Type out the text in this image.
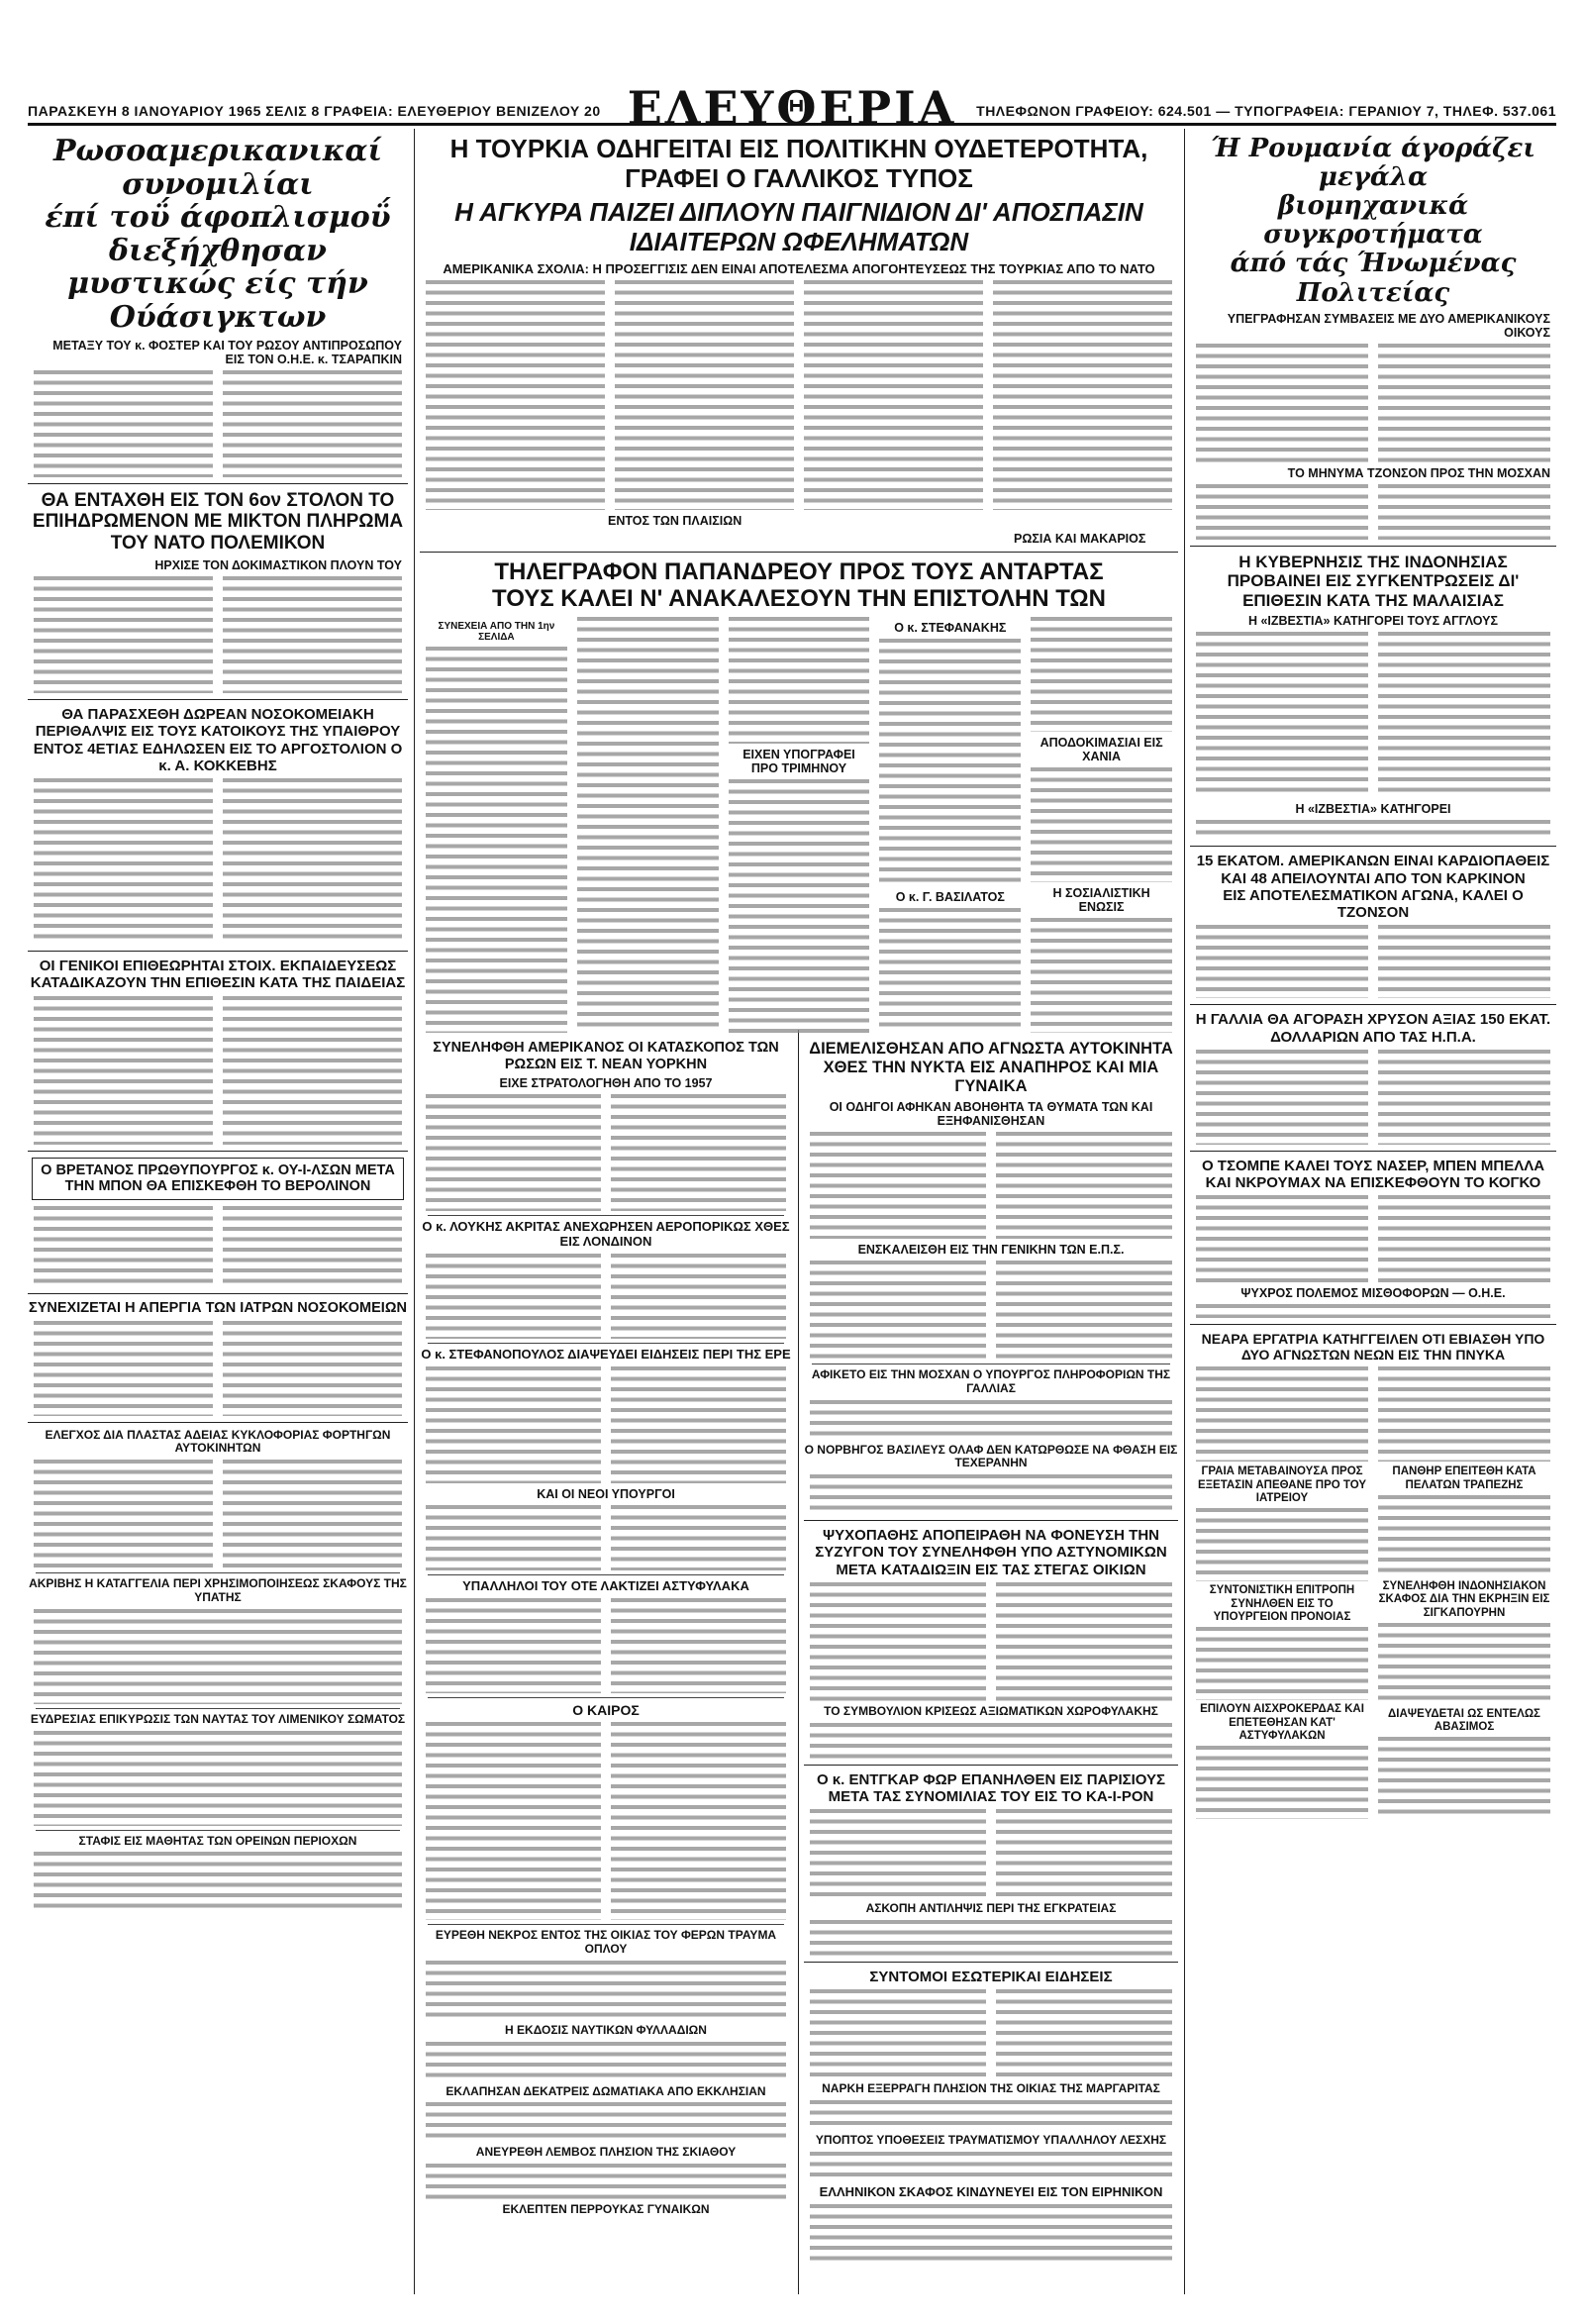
ΠΑΡΑΣΚΕΥΗ 8 ΙΑΝΟΥΑΡΙΟΥ 1965 ΣΕΛΙΣ 8 ΓΡΑΦΕΙΑ: ΕΛΕΥΘΕΡΙΟΥ ΒΕΝΙΖΕΛΟΥ 20 ΕΛΕΥΘΕΡΙΑ	ΤΗΛΕΦΩΝΟΝ ΓΡΑΦΕΙΟΥ: 624.501 — ΤΥΠΟΓΡΑΦΕΙΑ: ΓΕΡΑΝΙΟΥ 7, ΤΗΛΕΦ. 537.061
Ρωσοαμερικανικαί συνομιλίαι
έπί τοΰ άφοπλισμοΰ διεξήχθησαν
μυστικώς είς τήν Ούάσιγκτων
ΜΕΤΑΞΥ ΤΟΥ κ. ΦΟΣΤΕΡ ΚΑΙ ΤΟΥ ΡΩΣΟΥ ΑΝΤΙΠΡΟΣΩΠΟΥ ΕΙΣ ΤΟΝ Ο.Η.Ε. κ. ΤΣΑΡΑΠΚΙΝ
ΘΑ ΕΝΤΑΧΘΗ ΕΙΣ ΤΟΝ 6ον ΣΤΟΛΟΝ ΤΟ ΕΠΙΗΔΡΩΜΕΝΟΝ ΜΕ ΜΙΚΤΟΝ ΠΛΗΡΩΜΑ ΤΟΥ ΝΑΤΟ ΠΟΛΕΜΙΚΟΝ
ΗΡΧΙΣΕ ΤΟΝ ΔΟΚΙΜΑΣΤΙΚΟΝ ΠΛΟΥΝ ΤΟΥ
ΘΑ ΠΑΡΑΣΧΕΘΗ ΔΩΡΕΑΝ ΝΟΣΟΚΟΜΕΙΑΚΗ ΠΕΡΙΘΑΛΨΙΣ ΕΙΣ ΤΟΥΣ ΚΑΤΟΙΚΟΥΣ ΤΗΣ ΥΠΑΙΘΡΟΥ ΕΝΤΟΣ 4ΕΤΙΑΣ ΕΔΗΛΩΣΕΝ ΕΙΣ ΤΟ ΑΡΓΟΣΤΟΛΙΟΝ Ο κ. Α. ΚΟΚΚΕΒΗΣ
ΟΙ ΓΕΝΙΚΟΙ ΕΠΙΘΕΩΡΗΤΑΙ ΣΤΟΙΧ. ΕΚΠΑΙΔΕΥΣΕΩΣ ΚΑΤΑΔΙΚΑΖΟΥΝ ΤΗΝ ΕΠΙΘΕΣΙΝ ΚΑΤΑ ΤΗΣ ΠΑΙΔΕΙΑΣ
Ο ΒΡΕΤΑΝΟΣ ΠΡΩΘΥΠΟΥΡΓΟΣ κ. ΟΥ-Ι-ΛΣΩΝ ΜΕΤΑ ΤΗΝ ΜΠΟΝ ΘΑ ΕΠΙΣΚΕΦΘΗ ΤΟ ΒΕΡΟΛΙΝΟΝ
ΣΥΝΕΧΙΖΕΤΑΙ Η ΑΠΕΡΓΙΑ ΤΩΝ ΙΑΤΡΩΝ ΝΟΣΟΚΟΜΕΙΩΝ
ΕΛΕΓΧΟΣ ΔΙΑ ΠΛΑΣΤΑΣ ΑΔΕΙΑΣ ΚΥΚΛΟΦΟΡΙΑΣ ΦΟΡΤΗΓΩΝ ΑΥΤΟΚΙΝΗΤΩΝ
ΑΚΡΙΒΗΣ Η ΚΑΤΑΓΓΕΛΙΑ ΠΕΡΙ ΧΡΗΣΙΜΟΠΟΙΗΣΕΩΣ ΣΚΑΦΟΥΣ ΤΗΣ ΥΠΑΤΗΣ
ΕΥΔΡΕΣΙΑΣ ΕΠΙΚΥΡΩΣΙΣ ΤΩΝ ΝΑΥΤΑΣ ΤΟΥ ΛΙΜΕΝΙΚΟΥ ΣΩΜΑΤΟΣ
ΣΤΑΦΙΣ ΕΙΣ ΜΑΘΗΤΑΣ ΤΩΝ ΟΡΕΙΝΩΝ ΠΕΡΙΟΧΩΝ
Η ΤΟΥΡΚΙΑ ΟΔΗΓΕΙΤΑΙ ΕΙΣ ΠΟΛΙΤΙΚΗΝ ΟΥΔΕΤΕΡΟΤΗΤΑ, ΓΡΑΦΕΙ Ο ΓΑΛΛΙΚΟΣ ΤΥΠΟΣ
Η ΑΓΚΥΡΑ ΠΑΙΖΕΙ ΔΙΠΛΟΥΝ ΠΑΙΓΝΙΔΙΟΝ ΔΙ' ΑΠΟΣΠΑΣΙΝ ΙΔΙΑΙΤΕΡΩΝ ΩΦΕΛΗΜΑΤΩΝ
ΑΜΕΡΙΚΑΝΙΚΑ ΣΧΟΛΙΑ: Η ΠΡΟΣΕΓΓΙΣΙΣ ΔΕΝ ΕΙΝΑΙ ΑΠΟΤΕΛΕΣΜΑ ΑΠΟΓΟΗΤΕΥΣΕΩΣ ΤΗΣ ΤΟΥΡΚΙΑΣ ΑΠΟ ΤΟ ΝΑΤΟ
ΕΝΤΟΣ ΤΩΝ ΠΛΑΙΣΙΩΝ
ΡΩΣΙΑ ΚΑΙ ΜΑΚΑΡΙΟΣ
ΤΗΛΕΓΡΑΦΟΝ ΠΑΠΑΝΔΡΕΟΥ ΠΡΟΣ ΤΟΥΣ ΑΝΤΑΡΤΑΣ
ΤΟΥΣ ΚΑΛΕΙ Ν' ΑΝΑΚΑΛΕΣΟΥΝ ΤΗΝ ΕΠΙΣΤΟΛΗΝ ΤΩΝ
ΣΥΝΕΧΕΙΑ ΑΠΟ ΤΗΝ 1ην ΣΕΛΙΔΑ
ΕΙΧΕΝ ΥΠΟΓΡΑΦΕΙ ΠΡΟ ΤΡΙΜΗΝΟΥ
Ο κ. ΣΤΕΦΑΝΑΚΗΣ
Ο κ. Γ. ΒΑΣΙΛΑΤΟΣ
ΑΠΟΔΟΚΙΜΑΣΙΑΙ ΕΙΣ ΧΑΝΙΑ
Η ΣΟΣΙΑΛΙΣΤΙΚΗ ΕΝΩΣΙΣ
ΣΥΝΕΛΗΦΘΗ ΑΜΕΡΙΚΑΝΟΣ ΟΙ ΚΑΤΑΣΚΟΠΟΣ ΤΩΝ ΡΩΣΩΝ ΕΙΣ Τ. ΝΕΑΝ ΥΟΡΚΗΝ
ΕΙΧΕ ΣΤΡΑΤΟΛΟΓΗΘΗ ΑΠΟ ΤΟ 1957
Ο κ. ΛΟΥΚΗΣ ΑΚΡΙΤΑΣ ΑΝΕΧΩΡΗΣΕΝ ΑΕΡΟΠΟΡΙΚΩΣ ΧΘΕΣ ΕΙΣ ΛΟΝΔΙΝΟΝ
Ο κ. ΣΤΕΦΑΝΟΠΟΥΛΟΣ ΔΙΑΨΕΥΔΕΙ ΕΙΔΗΣΕΙΣ ΠΕΡΙ ΤΗΣ ΕΡΕ
ΚΑΙ ΟΙ ΝΕΟΙ ΥΠΟΥΡΓΟΙ
ΥΠΑΛΛΗΛΟΙ ΤΟΥ ΟΤΕ ΛΑΚΤΙΖΕΙ ΑΣΤΥΦΥΛΑΚΑ
Ο ΚΑΙΡΟΣ
ΕΥΡΕΘΗ ΝΕΚΡΟΣ ΕΝΤΟΣ ΤΗΣ ΟΙΚΙΑΣ ΤΟΥ ΦΕΡΩΝ ΤΡΑΥΜΑ ΟΠΛΟΥ
Η ΕΚΔΟΣΙΣ ΝΑΥΤΙΚΩΝ ΦΥΛΛΑΔΙΩΝ
ΕΚΛΑΠΗΣΑΝ ΔΕΚΑΤΡΕΙΣ ΔΩΜΑΤΙΑΚΑ ΑΠΟ ΕΚΚΛΗΣΙΑΝ
ΑΝΕΥΡΕΘΗ ΛΕΜΒΟΣ ΠΛΗΣΙΟΝ ΤΗΣ ΣΚΙΑΘΟΥ
ΕΚΛΕΠΤΕΝ ΠΕΡΡΟΥΚΑΣ ΓΥΝΑΙΚΩΝ
ΔΙΕΜΕΛΙΣΘΗΣΑΝ ΑΠΟ ΑΓΝΩΣΤΑ ΑΥΤΟΚΙΝΗΤΑ ΧΘΕΣ ΤΗΝ ΝΥΚΤΑ ΕΙΣ ΑΝΑΠΗΡΟΣ ΚΑΙ ΜΙΑ ΓΥΝΑΙΚΑ
ΟΙ ΟΔΗΓΟΙ ΑΦΗΚΑΝ ΑΒΟΗΘΗΤΑ ΤΑ ΘΥΜΑΤΑ ΤΩΝ ΚΑΙ ΕΞΗΦΑΝΙΣΘΗΣΑΝ
ΕΝΣΚΑΛΕΙΣΘΗ ΕΙΣ ΤΗΝ ΓΕΝΙΚΗΝ ΤΩΝ Ε.Π.Σ.
ΑΦΙΚΕΤΟ ΕΙΣ ΤΗΝ ΜΟΣΧΑΝ Ο ΥΠΟΥΡΓΟΣ ΠΛΗΡΟΦΟΡΙΩΝ ΤΗΣ ΓΑΛΛΙΑΣ
Ο ΝΟΡΒΗΓΟΣ ΒΑΣΙΛΕΥΣ ΟΛΑΦ ΔΕΝ ΚΑΤΩΡΘΩΣΕ ΝΑ ΦΘΑΣΗ ΕΙΣ ΤΕΧΕΡΑΝΗΝ
ΨΥΧΟΠΑΘΗΣ ΑΠΟΠΕΙΡΑΘΗ ΝΑ ΦΟΝΕΥΣΗ ΤΗΝ ΣΥΖΥΓΟΝ ΤΟΥ ΣΥΝΕΛΗΦΘΗ ΥΠΟ ΑΣΤΥΝΟΜΙΚΩΝ ΜΕΤΑ ΚΑΤΑΔΙΩΞΙΝ ΕΙΣ ΤΑΣ ΣΤΕΓΑΣ ΟΙΚΙΩΝ
ΤΟ ΣΥΜΒΟΥΛΙΟΝ ΚΡΙΣΕΩΣ ΑΞΙΩΜΑΤΙΚΩΝ ΧΩΡΟΦΥΛΑΚΗΣ
Ο κ. ΕΝΤΓΚΑΡ ΦΩΡ ΕΠΑΝΗΛΘΕΝ ΕΙΣ ΠΑΡΙΣΙΟΥΣ ΜΕΤΑ ΤΑΣ ΣΥΝΟΜΙΛΙΑΣ ΤΟΥ ΕΙΣ ΤΟ ΚΑ-Ι-ΡΟΝ
ΑΣΚΟΠΗ ΑΝΤΙΛΗΨΙΣ ΠΕΡΙ ΤΗΣ ΕΓΚΡΑΤΕΙΑΣ
ΣΥΝΤΟΜΟΙ ΕΣΩΤΕΡΙΚΑΙ ΕΙΔΗΣΕΙΣ
ΝΑΡΚΗ ΕΞΕΡΡΑΓΗ ΠΛΗΣΙΟΝ ΤΗΣ ΟΙΚΙΑΣ ΤΗΣ ΜΑΡΓΑΡΙΤΑΣ
ΥΠΟΠΤΟΣ ΥΠΟΘΕΣΕΙΣ ΤΡΑΥΜΑΤΙΣΜΟΥ ΥΠΑΛΛΗΛΟΥ ΛΕΣΧΗΣ
ΕΛΛΗΝΙΚΟΝ ΣΚΑΦΟΣ ΚΙΝΔΥΝΕΥΕΙ ΕΙΣ ΤΟΝ ΕΙΡΗΝΙΚΟΝ
Ή Ρουμανία άγοράζει μεγάλα
βιομηχανικά συγκροτήματα
άπό τάς Ήνωμένας Πολιτείας
ΥΠΕΓΡΑΦΗΣΑΝ ΣΥΜΒΑΣΕΙΣ ΜΕ ΔΥΟ ΑΜΕΡΙΚΑΝΙΚΟΥΣ ΟΙΚΟΥΣ
ΤΟ ΜΗΝΥΜΑ ΤΖΟΝΣΟΝ ΠΡΟΣ ΤΗΝ ΜΟΣΧΑΝ
Η ΚΥΒΕΡΝΗΣΙΣ ΤΗΣ ΙΝΔΟΝΗΣΙΑΣ ΠΡΟΒΑΙΝΕΙ ΕΙΣ ΣΥΓΚΕΝΤΡΩΣΕΙΣ ΔΙ' ΕΠΙΘΕΣΙΝ ΚΑΤΑ ΤΗΣ ΜΑΛΑΙΣΙΑΣ
Η «ΙΖΒΕΣΤΙΑ» ΚΑΤΗΓΟΡΕΙ ΤΟΥΣ ΑΓΓΛΟΥΣ
Η «ΙΖΒΕΣΤΙΑ» ΚΑΤΗΓΟΡΕΙ
15 ΕΚΑΤΟΜ. ΑΜΕΡΙΚΑΝΩΝ ΕΙΝΑΙ ΚΑΡΔΙΟΠΑΘΕΙΣ ΚΑΙ 48 ΑΠΕΙΛΟΥΝΤΑΙ ΑΠΟ ΤΟΝ ΚΑΡΚΙΝΟΝ
ΕΙΣ ΑΠΟΤΕΛΕΣΜΑΤΙΚΟΝ ΑΓΩΝΑ, ΚΑΛΕΙ Ο ΤΖΟΝΣΟΝ
Η ΓΑΛΛΙΑ ΘΑ ΑΓΟΡΑΣΗ ΧΡΥΣΟΝ ΑΞΙΑΣ 150 ΕΚΑΤ. ΔΟΛΛΑΡΙΩΝ ΑΠΟ ΤΑΣ Η.Π.Α.
Ο ΤΣΟΜΠΕ ΚΑΛΕΙ ΤΟΥΣ ΝΑΣΕΡ, ΜΠΕΝ ΜΠΕΛΛΑ ΚΑΙ ΝΚΡΟΥΜΑΧ ΝΑ ΕΠΙΣΚΕΦΘΟΥΝ ΤΟ ΚΟΓΚΟ
ΨΥΧΡΟΣ ΠΟΛΕΜΟΣ ΜΙΣΘΟΦΟΡΩΝ — Ο.Η.Ε.
ΝΕΑΡΑ ΕΡΓΑΤΡΙΑ ΚΑΤΗΓΓΕΙΛΕΝ ΟΤΙ ΕΒΙΑΣΘΗ ΥΠΟ ΔΥΟ ΑΓΝΩΣΤΩΝ ΝΕΩΝ ΕΙΣ ΤΗΝ ΠΝΥΚΑ
ΓΡΑΙΑ ΜΕΤΑΒΑΙΝΟΥΣΑ ΠΡΟΣ ΕΞΕΤΑΣΙΝ ΑΠΕΘΑΝΕ ΠΡΟ ΤΟΥ ΙΑΤΡΕΙΟΥ
ΣΥΝΤΟΝΙΣΤΙΚΗ ΕΠΙΤΡΟΠΗ ΣΥΝΗΛΘΕΝ ΕΙΣ ΤΟ ΥΠΟΥΡΓΕΙΟΝ ΠΡΟΝΟΙΑΣ
ΕΠΙΛΟΥΝ ΑΙΣΧΡΟΚΕΡΔΑΣ ΚΑΙ ΕΠΕΤΕΘΗΣΑΝ ΚΑΤ' ΑΣΤΥΦΥΛΑΚΩΝ
ΠΑΝΘΗΡ ΕΠΕΙΤΕΘΗ ΚΑΤΑ ΠΕΛΑΤΩΝ ΤΡΑΠΕΖΗΣ
ΣΥΝΕΛΗΦΘΗ ΙΝΔΟΝΗΣΙΑΚΟΝ ΣΚΑΦΟΣ ΔΙΑ ΤΗΝ ΕΚΡΗΞΙΝ ΕΙΣ ΣΙΓΚΑΠΟΥΡΗΝ
ΔΙΑΨΕΥΔΕΤΑΙ ΩΣ ΕΝΤΕΛΩΣ ΑΒΑΣΙΜΟΣ
